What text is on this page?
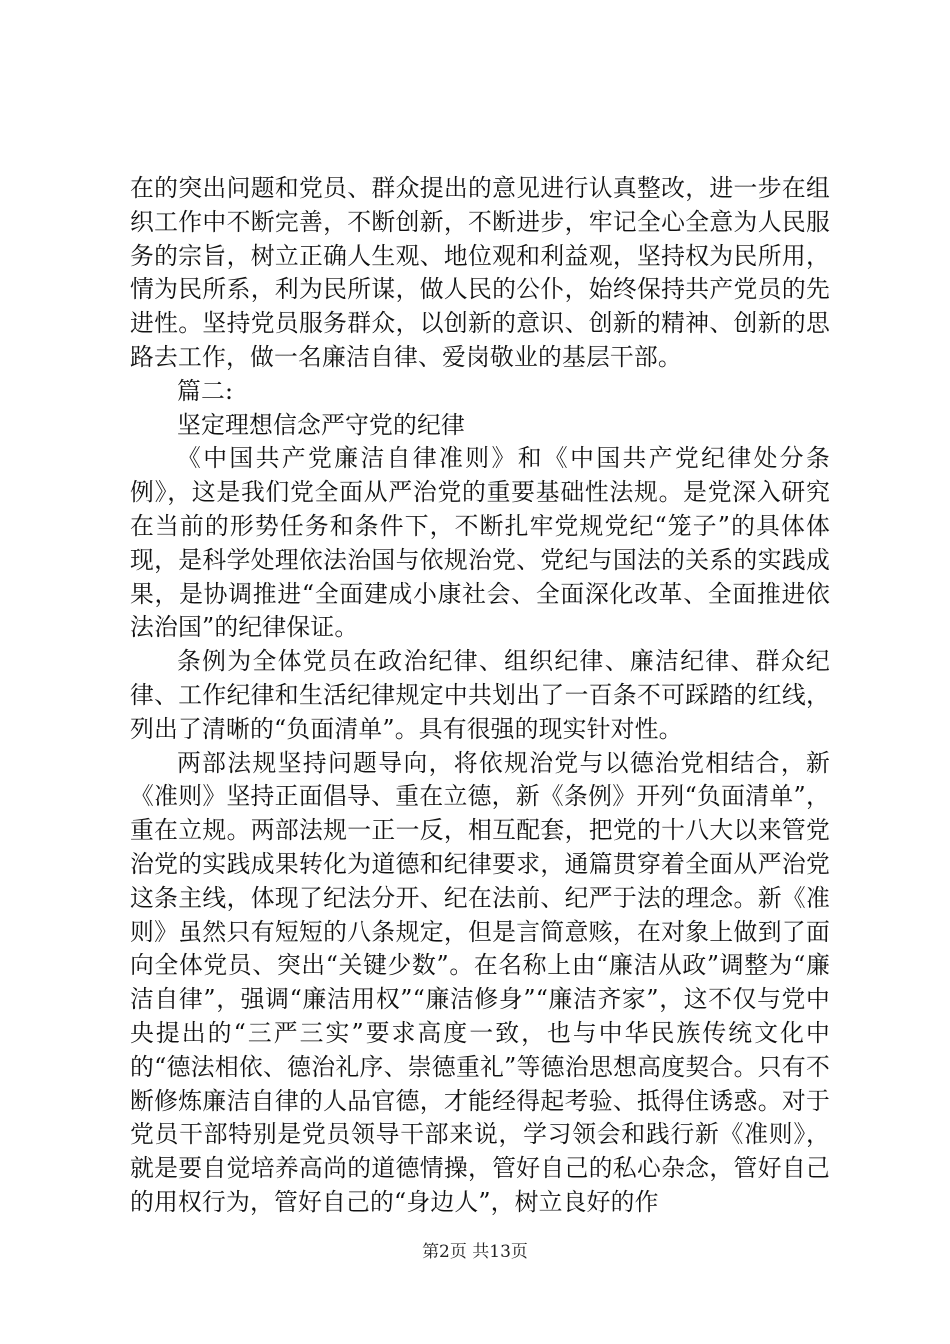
在的突出问题和党员、群众提出的意见进行认真整改，进一步在组织工作中不断完善，不断创新，不断进步，牢记全心全意为人民服务的宗旨，树立正确人生观、地位观和利益观，坚持权为民所用，情为民所系，利为民所谋，做人民的公仆，始终保持共产党员的先进性。坚持党员服务群众，以创新的意识、创新的精神、创新的思路去工作，做一名廉洁自律、爱岗敬业的基层干部。

篇二:

坚定理想信念严守党的纪律

《中国共产党廉洁自律准则》和《中国共产党纪律处分条例》，这是我们党全面从严治党的重要基础性法规。是党深入研究在当前的形势任务和条件下，不断扎牢党规党纪“笼子”的具体体现，是科学处理依法治国与依规治党、党纪与国法的关系的实践成果，是协调推进“全面建成小康社会、全面深化改革、全面推进依法治国”的纪律保证。

条例为全体党员在政治纪律、组织纪律、廉洁纪律、群众纪律、工作纪律和生活纪律规定中共划出了一百条不可踩踏的红线，列出了清晰的“负面清单”。具有很强的现实针对性。

两部法规坚持问题导向，将依规治党与以德治党相结合，新《准则》坚持正面倡导、重在立德，新《条例》开列“负面清单”，重在立规。两部法规一正一反，相互配套，把党的十八大以来管党治党的实践成果转化为道德和纪律要求，通篇贯穿着全面从严治党这条主线，体现了纪法分开、纪在法前、纪严于法的理念。新《准则》虽然只有短短的八条规定，但是言简意赅，在对象上做到了面向全体党员、突出“关键少数”。在名称上由“廉洁从政”调整为“廉洁自律”，强调“廉洁用权”“廉洁修身”“廉洁齐家”，这不仅与党中央提出的“三严三实”要求高度一致，也与中华民族传统文化中的“德法相依、德治礼序、崇德重礼”等德治思想高度契合。只有不断修炼廉洁自律的人品官德，才能经得起考验、抵得住诱惑。对于党员干部特别是党员领导干部来说，学习领会和践行新《准则》，就是要自觉培养高尚的道德情操，管好自己的私心杂念，管好自己的用权行为，管好自己的“身边人”，树立良好的作

第2页 共13页
